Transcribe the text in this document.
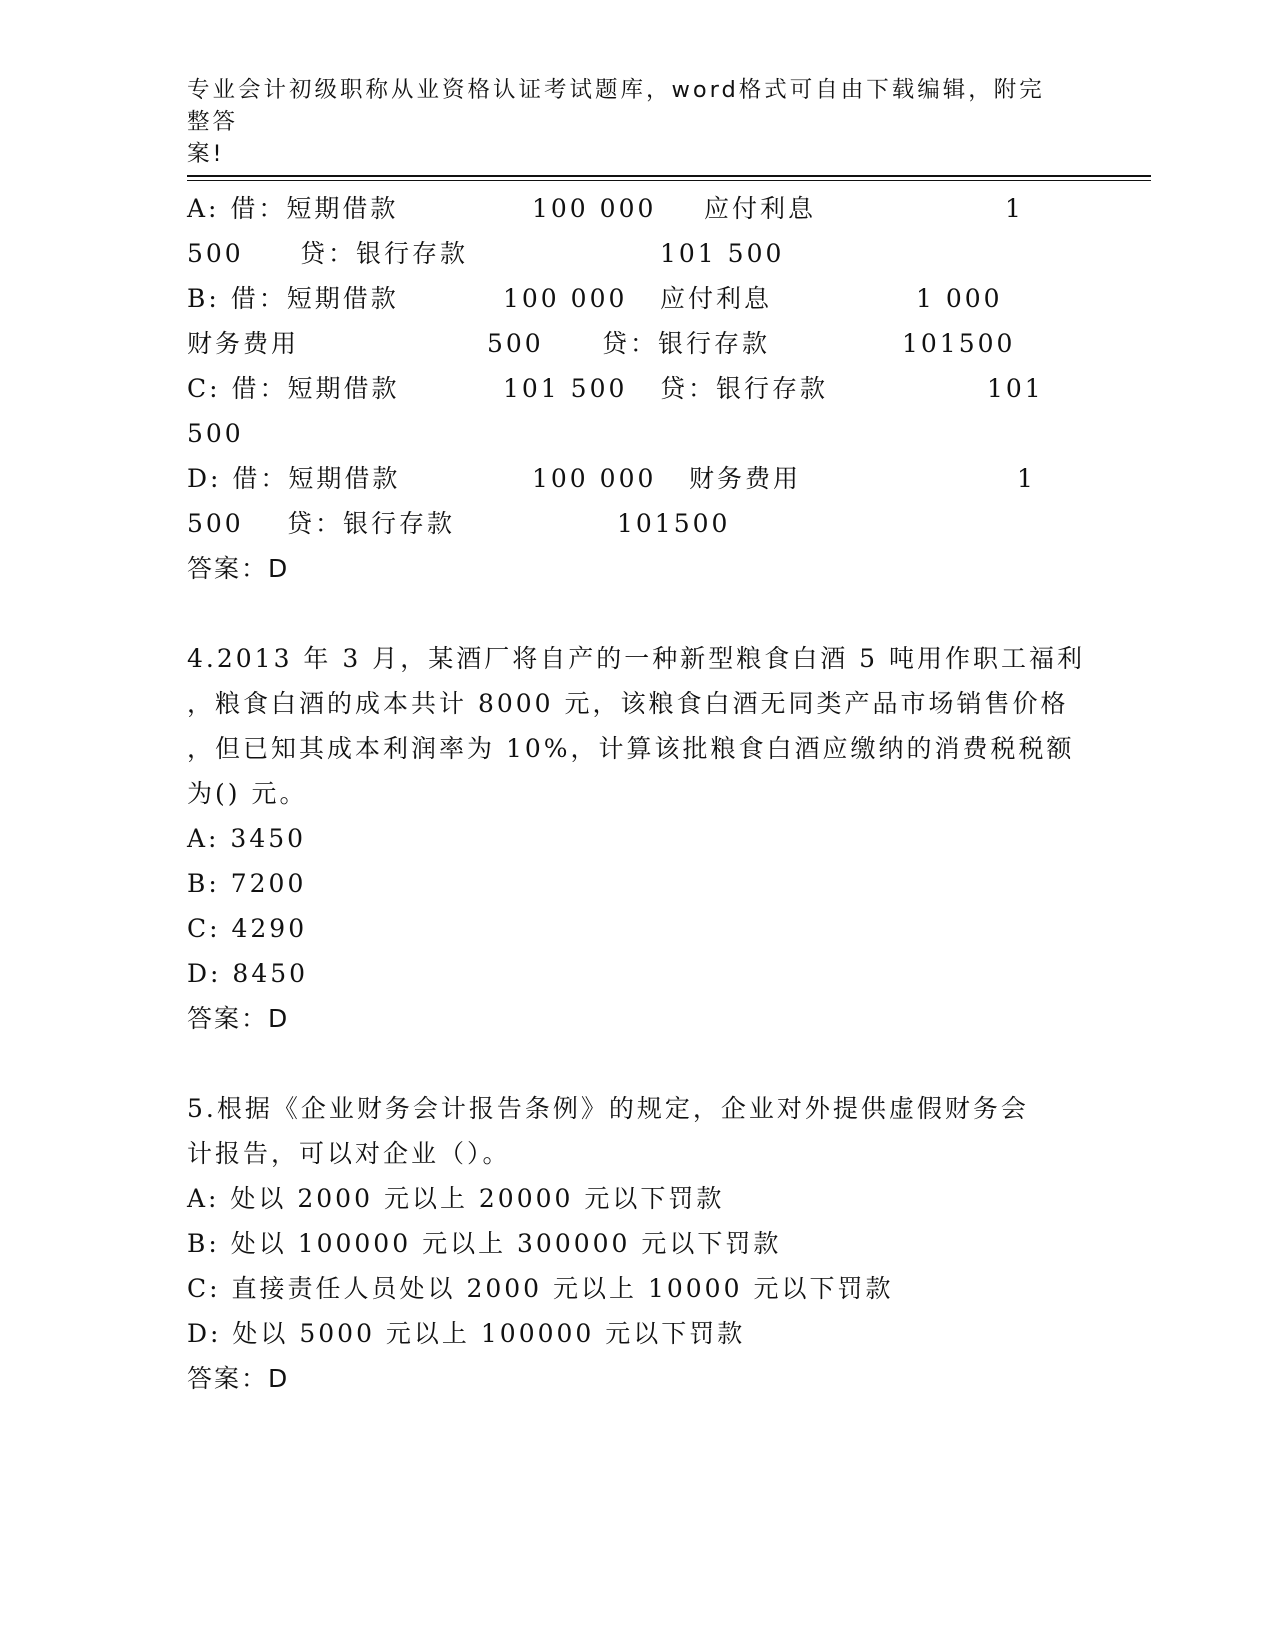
专业会计初级职称从业资格认证考试题库，word格式可自由下载编辑，附完整答
案!

A: 借：短期借款

	100 000

应付利息

	1

500

贷：银行存款

	101 500

B: 借：短期借款

	100 000

应付利息

	1 000

财务费用

	500

贷：银行存款

	101500

C: 借：短期借款

	101 500

贷：银行存款

	101

500

D: 借：短期借款

	100 000

财务费用

	1

500

贷：银行存款

	101500

答案：D
4.2013 年 3 月，某酒厂将自产的一种新型粮食白酒 5 吨用作职工福利
，粮食白酒的成本共计 8000 元，该粮食白酒无同类产品市场销售价格
，但已知其成本利润率为 10%，计算该批粮食白酒应缴纳的消费税税额
为() 元。
A: 3450
B: 7200
C: 4290
D: 8450
答案：D
5.根据《企业财务会计报告条例》的规定，企业对外提供虚假财务会
计报告，可以对企业（）。
A: 处以 2000 元以上 20000 元以下罚款
B: 处以 100000 元以上 300000 元以下罚款
C: 直接责任人员处以 2000 元以上 10000 元以下罚款
D: 处以 5000 元以上 100000 元以下罚款
答案：D
